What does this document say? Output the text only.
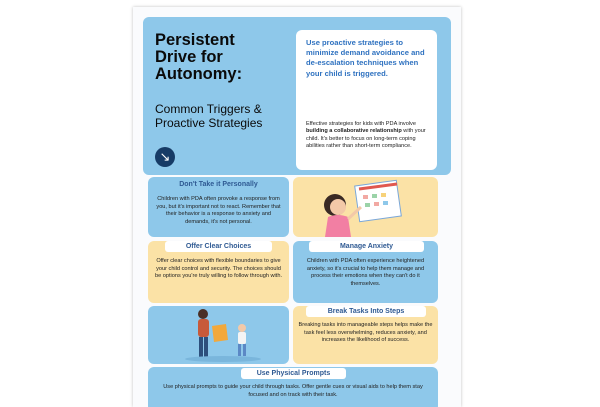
Persistent Drive for Autonomy:
Common Triggers & Proactive Strategies
↘
Use proactive strategies to minimize demand avoidance and de-escalation techniques when your child is triggered.
Effective strategies for kids with PDA involve building a collaborative relationship with your child. It's better to focus on long-term coping abilities rather than short-term compliance.
Don't Take it Personally
Children with PDA often provoke a response from you, but it's important not to react. Remember that their behavior is a response to anxiety and demands, it's not personal.
Offer Clear Choices
Offer clear choices with flexible boundaries to give your child control and security. The choices should be options you're truly willing to follow through with.
Manage Anxiety
Children with PDA often experience heightened anxiety, so it's crucial to help them manage and process their emotions when they can't do it themselves.
Break Tasks Into Steps
Breaking tasks into manageable steps helps make the task feel less overwhelming, reduces anxiety, and increases the likelihood of success.
Use Physical Prompts
Use physical prompts to guide your child through tasks. Offer gentle cues or visual aids to help them stay focused and on track with their task.
